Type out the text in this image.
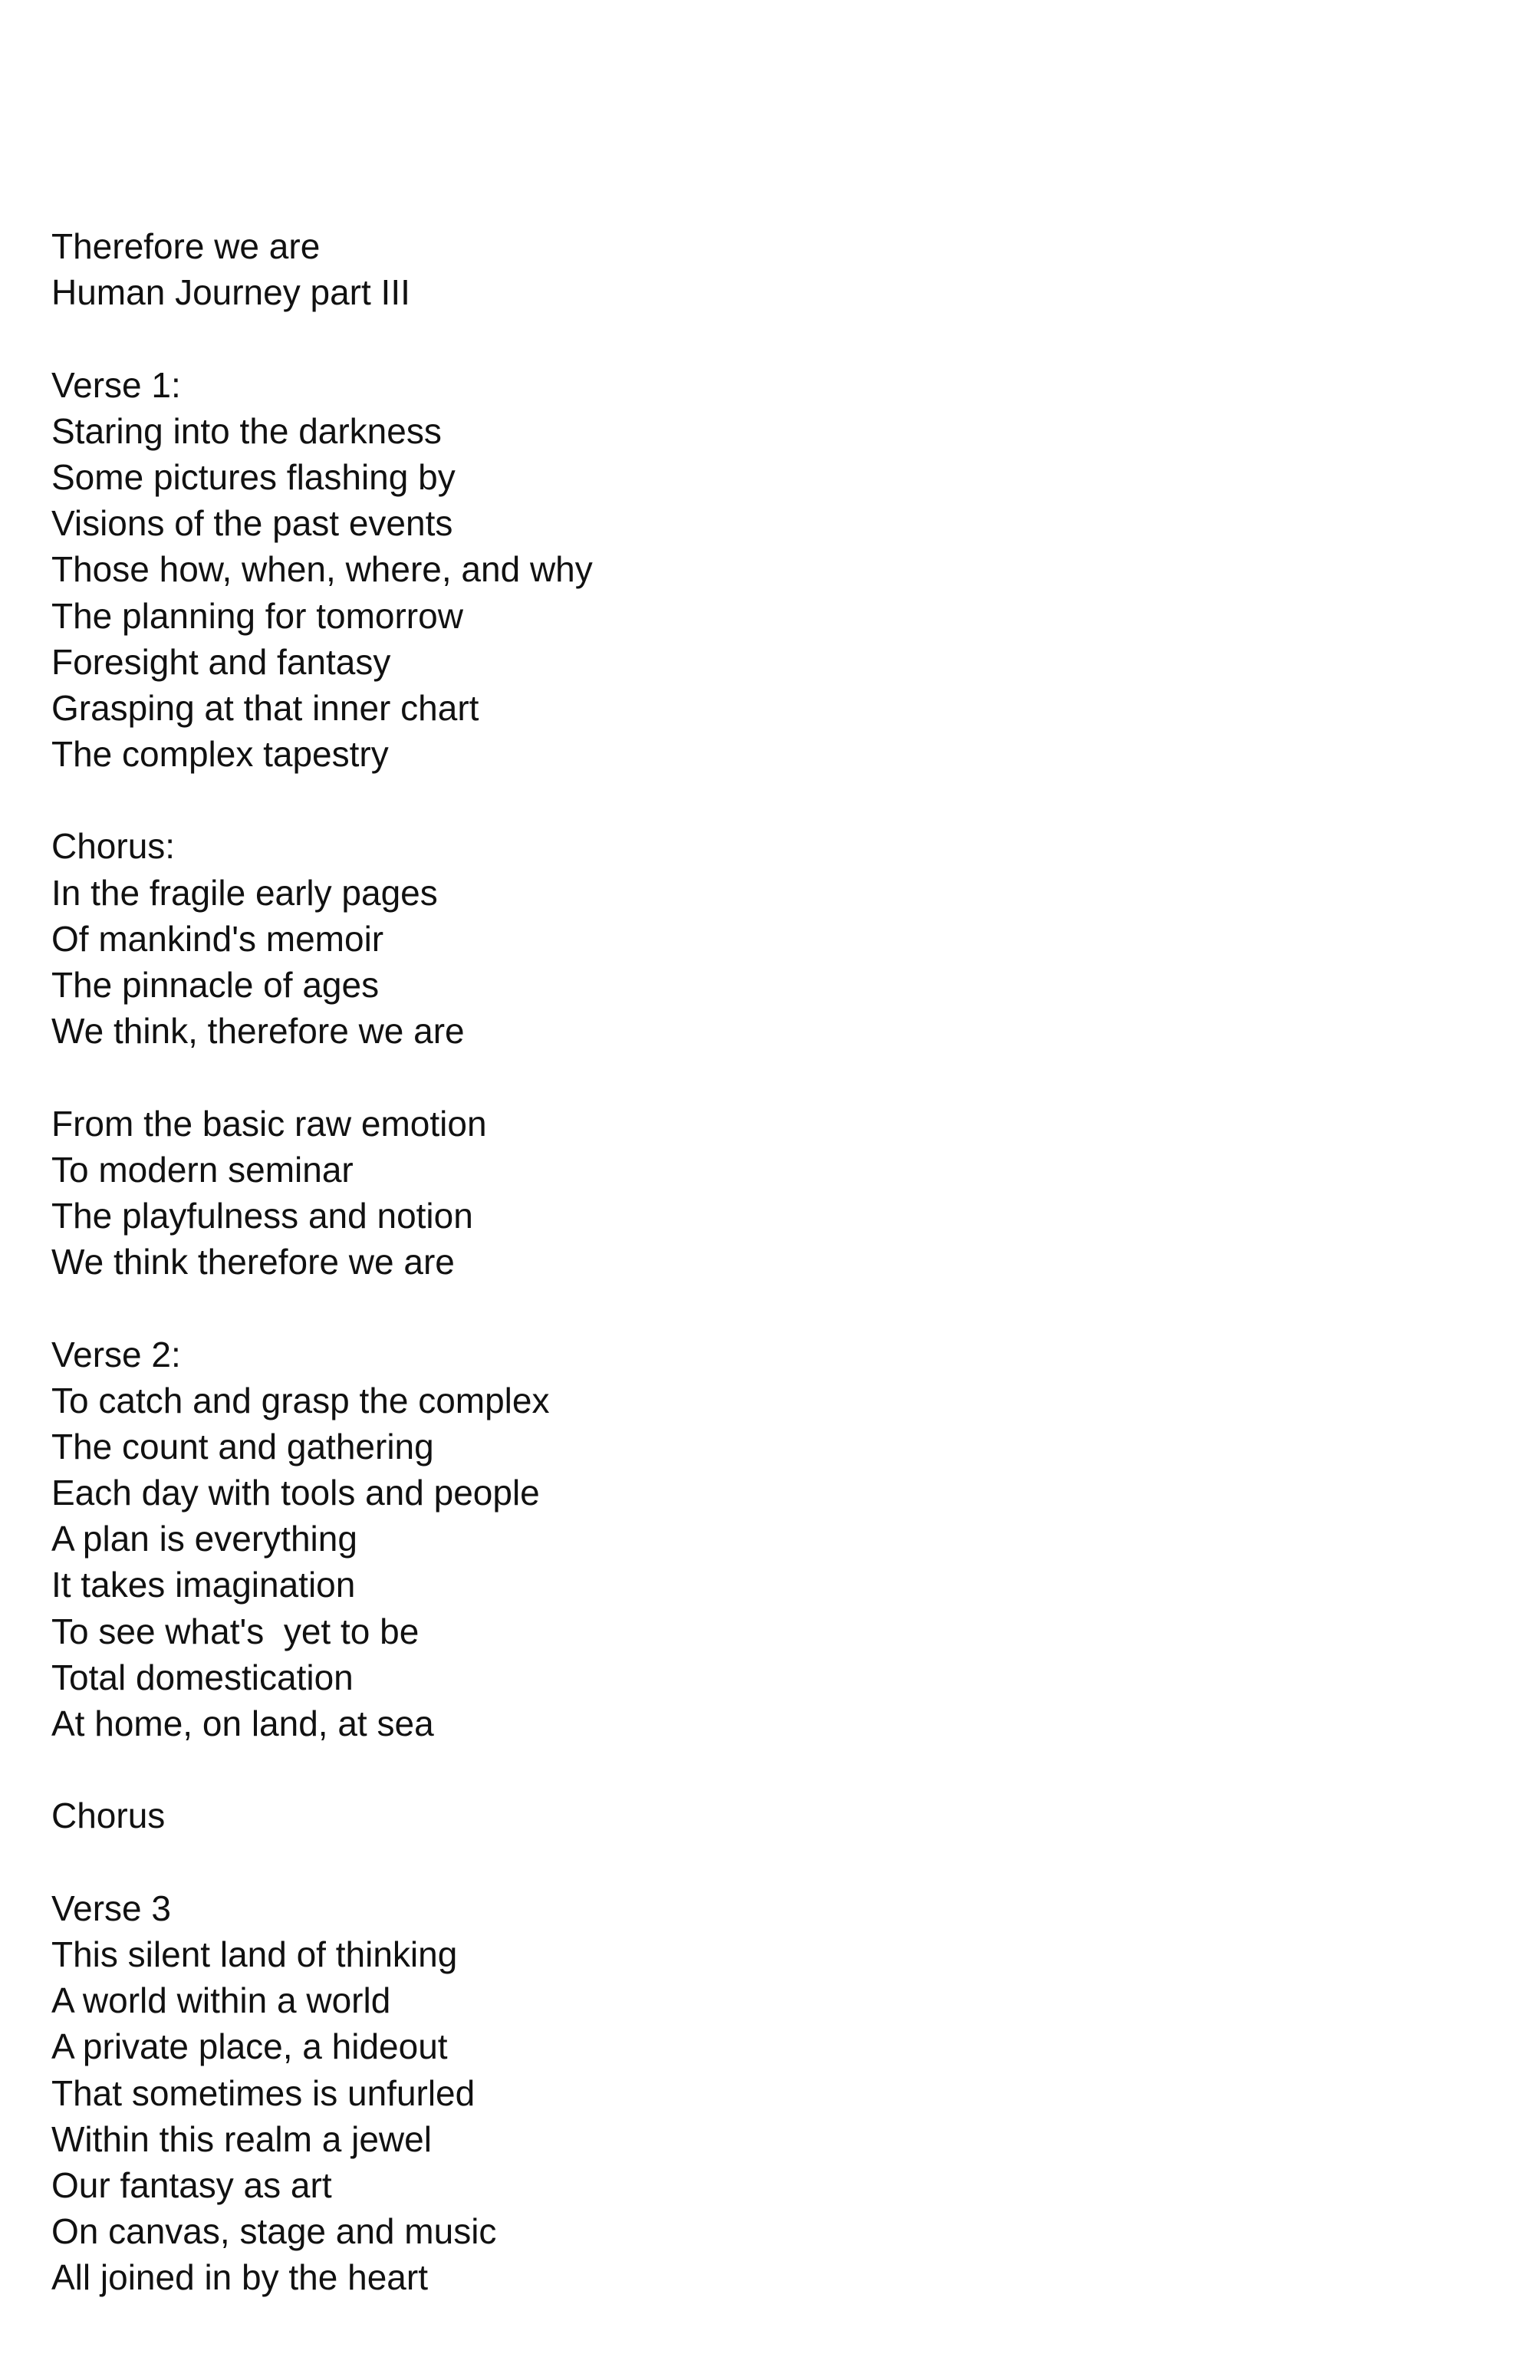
Therefore we are
Human Journey part III
Verse 1:
Staring into the darkness
Some pictures flashing by
Visions of the past events
Those how, when, where, and why
The planning for tomorrow
Foresight and fantasy
Grasping at that inner chart
The complex tapestry
Chorus:
In the fragile early pages
Of mankind's memoir
The pinnacle of ages
We think, therefore we are
From the basic raw emotion
To modern seminar
The playfulness and notion
We think therefore we are
Verse 2:
To catch and grasp the complex
The count and gathering
Each day with tools and people
A plan is everything
It takes imagination
To see what's  yet to be
Total domestication
At home, on land, at sea
Chorus
Verse 3
This silent land of thinking
A world within a world
A private place, a hideout
That sometimes is unfurled
Within this realm a jewel
Our fantasy as art
On canvas, stage and music
All joined in by the heart
